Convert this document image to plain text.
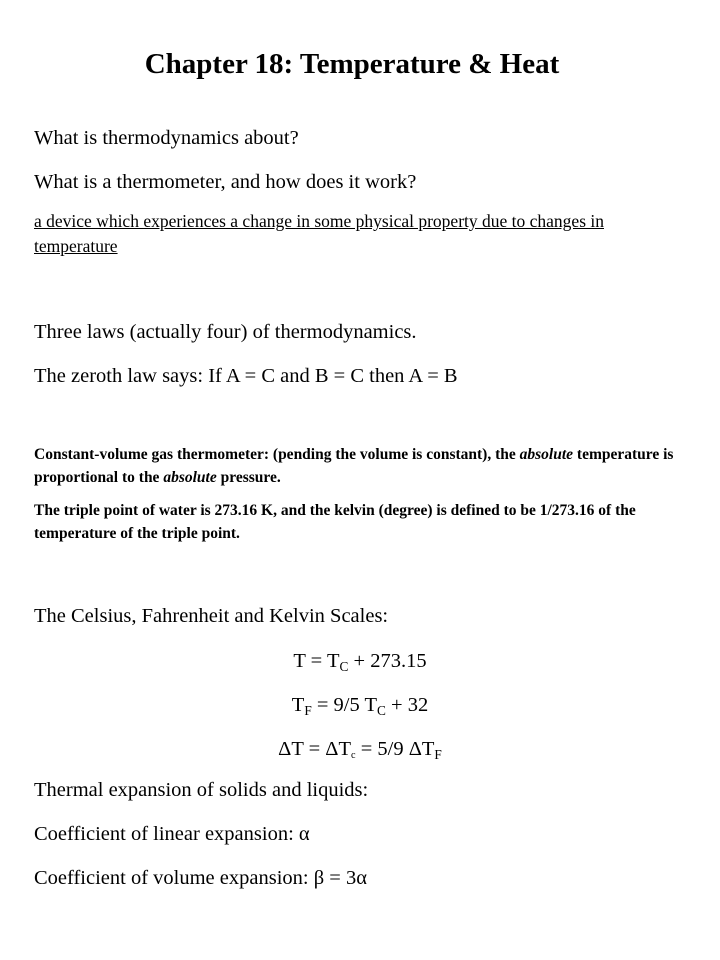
Chapter 18: Temperature & Heat

What is thermodynamics about?

What is a thermometer, and how does it work?

a device which experiences a change in some physical property due to changes in temperature

Three laws (actually four) of thermodynamics.

The zeroth law says: If A = C and B = C then A = B

Constant-volume gas thermometer: (pending the volume is constant), the absolute temperature is proportional to the absolute pressure.

The triple point of water is 273.16 K, and the kelvin (degree) is defined to be 1/273.16 of the temperature of the triple point.

The Celsius, Fahrenheit and Kelvin Scales:

$T = T_C + 273.15$

$T_F = 9/5$ $T_C + 32$

$\Delta T = \Delta T_c = 5/9$ $\Delta T_F$

Thermal expansion of solids and liquids:

Coefficient of linear expansion: α

Coefficient of volume expansion: β = 3α
